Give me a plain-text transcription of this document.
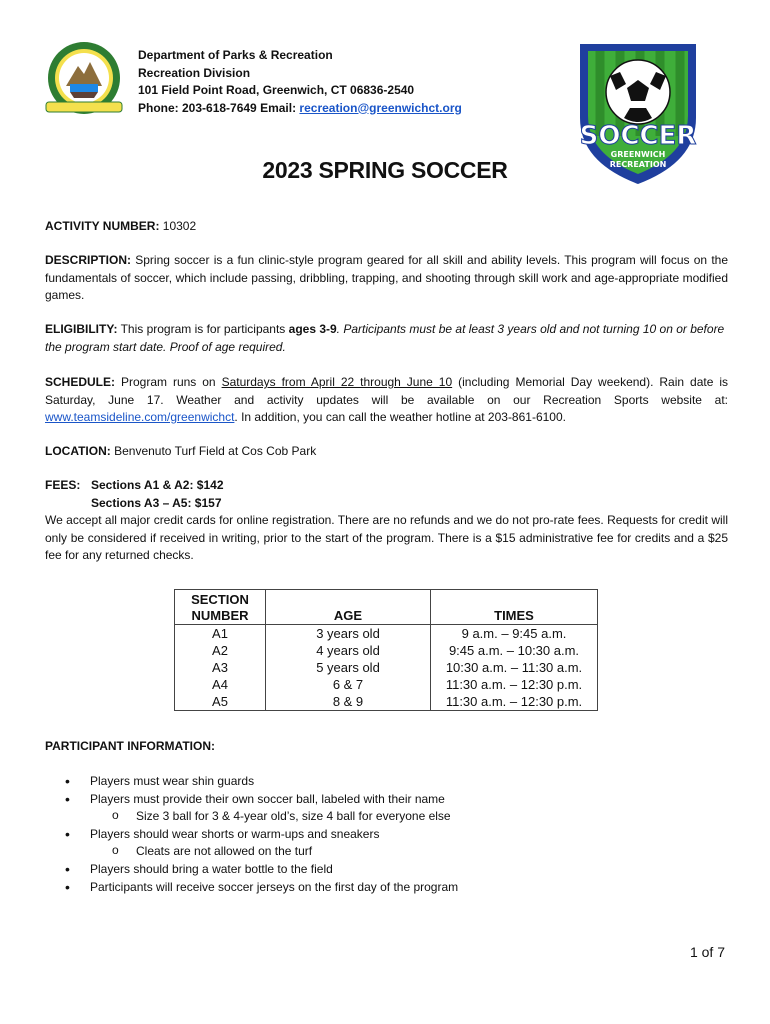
Department of Parks & Recreation
Recreation Division
101 Field Point Road, Greenwich, CT 06836-2540
Phone: 203-618-7649 Email: recreation@greenwichct.org
SOCCER
GREENWICH
RECREATION
2023 SPRING SOCCER
ACTIVITY NUMBER: 10302
DESCRIPTION: Spring soccer is a fun clinic-style program geared for all skill and ability levels. This program will focus on the fundamentals of soccer, which include passing, dribbling, trapping, and shooting through skill work and age-appropriate modified games.
ELIGIBILITY: This program is for participants ages 3-9. Participants must be at least 3 years old and not turning 10 on or before the program start date. Proof of age required.
SCHEDULE: Program runs on Saturdays from April 22 through June 10 (including Memorial Day weekend). Rain date is Saturday, June 17. Weather and activity updates will be available on our Recreation Sports website at: www.teamsideline.com/greenwichct. In addition, you can call the weather hotline at 203-861-6100.
LOCATION: Benvenuto Turf Field at Cos Cob Park
FEES: Sections A1 & A2: $142
Sections A3 – A5: $157
We accept all major credit cards for online registration. There are no refunds and we do not pro-rate fees. Requests for credit will only be considered if received in writing, prior to the start of the program. There is a $15 administrative fee for credits and a $25 fee for any returned checks.
SECTION
NUMBER	AGE	TIMES
A1	3 years old	9 a.m. – 9:45 a.m.
A2	4 years old	9:45 a.m. – 10:30 a.m.
A3	5 years old	10:30 a.m. – 11:30 a.m.
A4	6 & 7	11:30 a.m. – 12:30 p.m.
A5	8 & 9	11:30 a.m. – 12:30 p.m.
PARTICIPANT INFORMATION:
• Players must wear shin guards
• Players must provide their own soccer ball, labeled with their name
o Size 3 ball for 3 & 4-year old’s, size 4 ball for everyone else
• Players should wear shorts or warm-ups and sneakers
o Cleats are not allowed on the turf
• Players should bring a water bottle to the field
• Participants will receive soccer jerseys on the first day of the program
1 of 7
